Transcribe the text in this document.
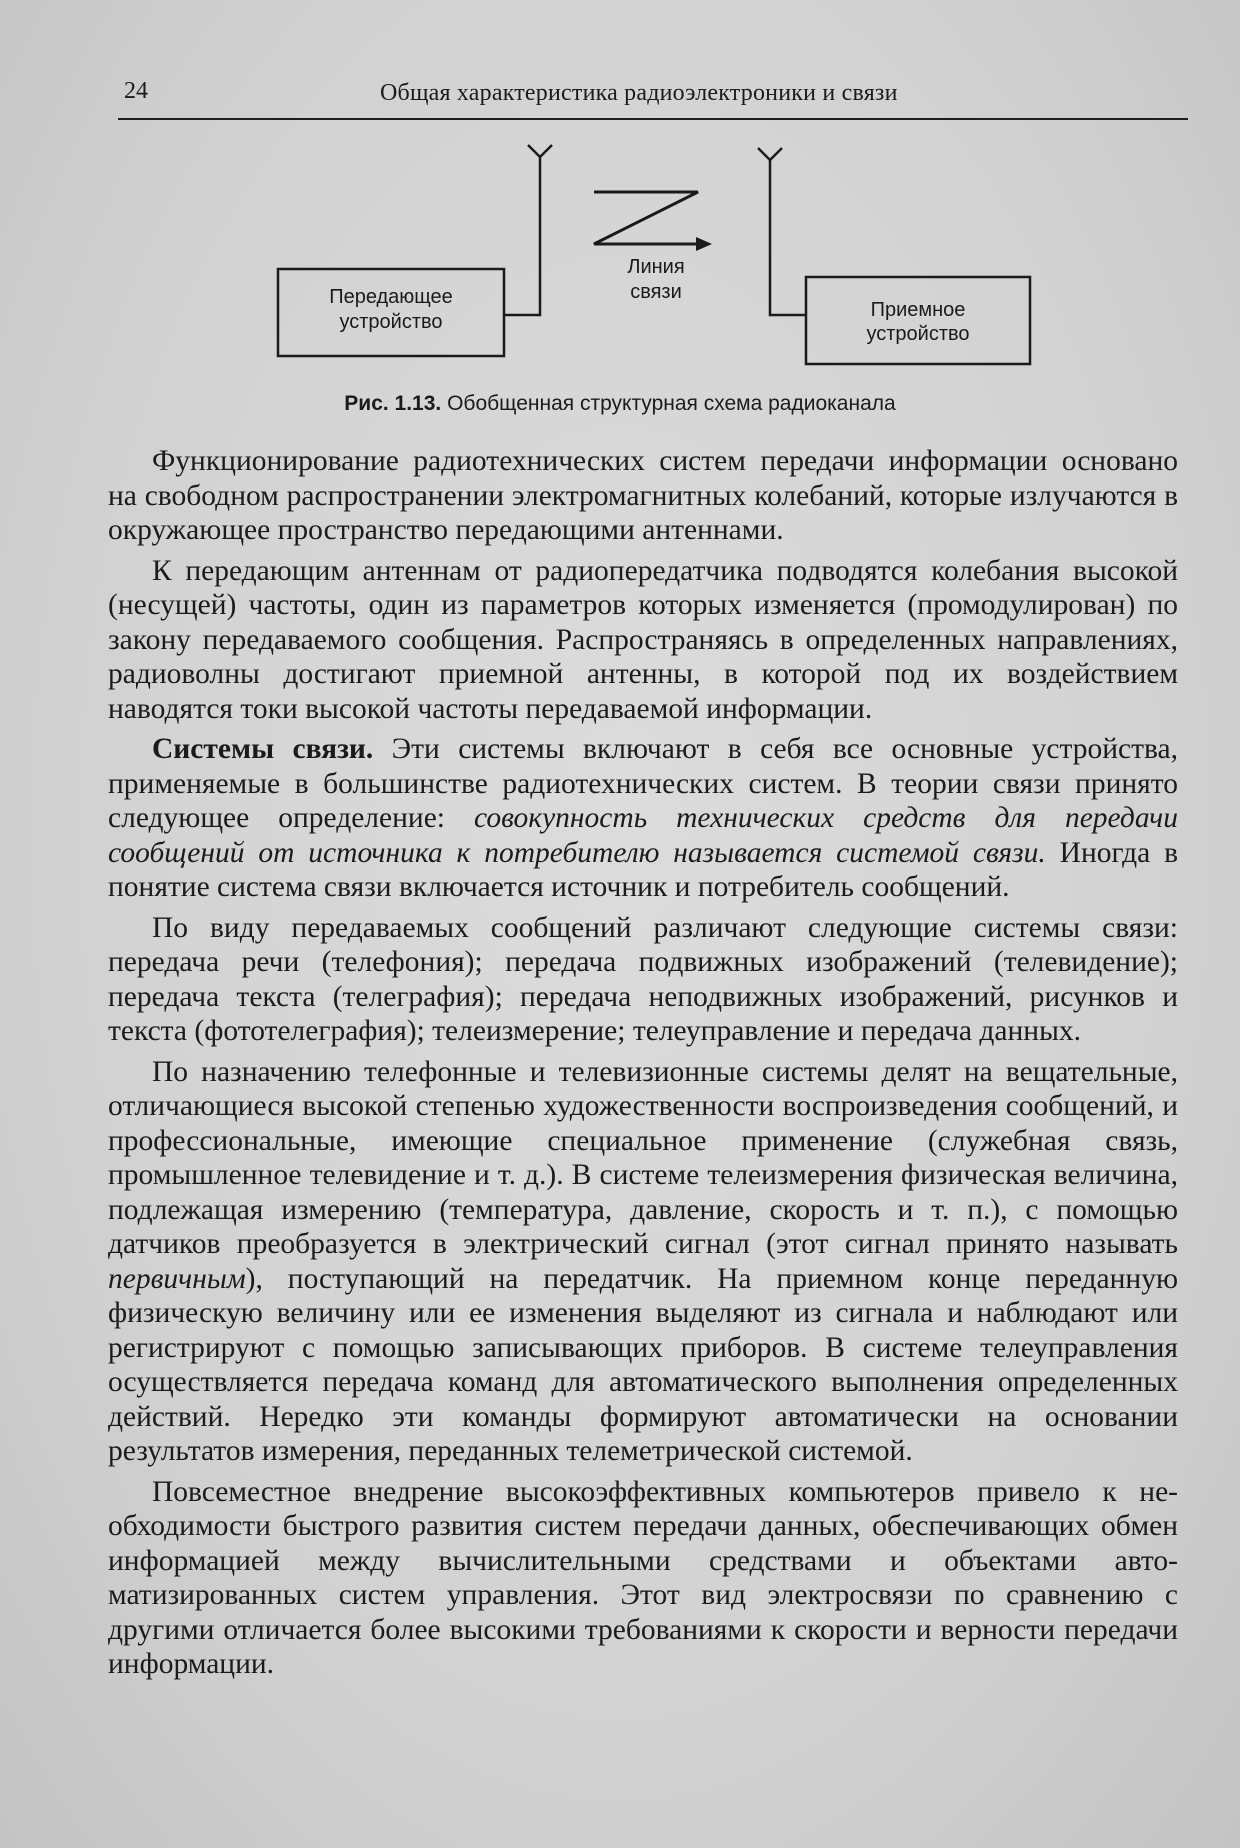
24	Общая характеристика радиоэлектроники и связи
Передающее
устройство
Линия
связи
Приемное
устройство
Рис. 1.13. Обобщенная структурная схема радиоканала

Функционирование радиотехнических систем передачи информации основано на свободном распространении электромагнитных колебаний, которые излучаются в окружающее пространство передающими антеннами.

К передающим антеннам от радиопередатчика подводятся колебания высокой (несущей) частоты, один из параметров которых изменяется (промодулирован) по закону передаваемого сообщения. Распространяясь в определенных направлениях, радиоволны достигают приемной антенны, в которой под их воздействием наводятся токи высокой частоты передаваемой информации.

Системы связи. Эти системы включают в себя все основные устройства, применяемые в большинстве радиотехнических систем. В теории связи принято следующее определение: совокупность технических средств для передачи сообщений от источника к потребителю называется системой связи. Иногда в понятие система связи включается источник и потребитель сообщений.

По виду передаваемых сообщений различают следующие системы связи: передача речи (телефония); передача подвижных изображений (телевидение); передача текста (телеграфия); передача неподвижных изображений, рисунков и текста (фототелеграфия); телеизмерение; телеуправление и передача данных.

По назначению телефонные и телевизионные системы делят на вещательные, отличающиеся высокой степенью художественности воспроизведения сообщений, и профессиональные, имеющие специальное применение (служебная связь, промышленное телевидение и т. д.). В системе телеизмерения физическая величина, подлежащая измерению (температура, давление, скорость и т. п.), с помощью датчиков преобразуется в электрический сигнал (этот сигнал принято называть первичным), поступающий на передатчик. На приемном конце переданную физическую величину или ее изменения выделяют из сигнала и наблюдают или регистрируют с помощью записывающих приборов. В системе телеуправления осуществляется передача команд для автоматического выполнения определенных действий. Нередко эти команды формируют автоматически на основании результатов измерения, переданных телеметрической системой.

Повсеместное внедрение высокоэффективных компьютеров привело к необходимости быстрого развития систем передачи данных, обеспечивающих обмен информацией между вычислительными средствами и объектами автоматизированных систем управления. Этот вид электросвязи по сравнению с другими отличается более высокими требованиями к скорости и верности передачи информации.
